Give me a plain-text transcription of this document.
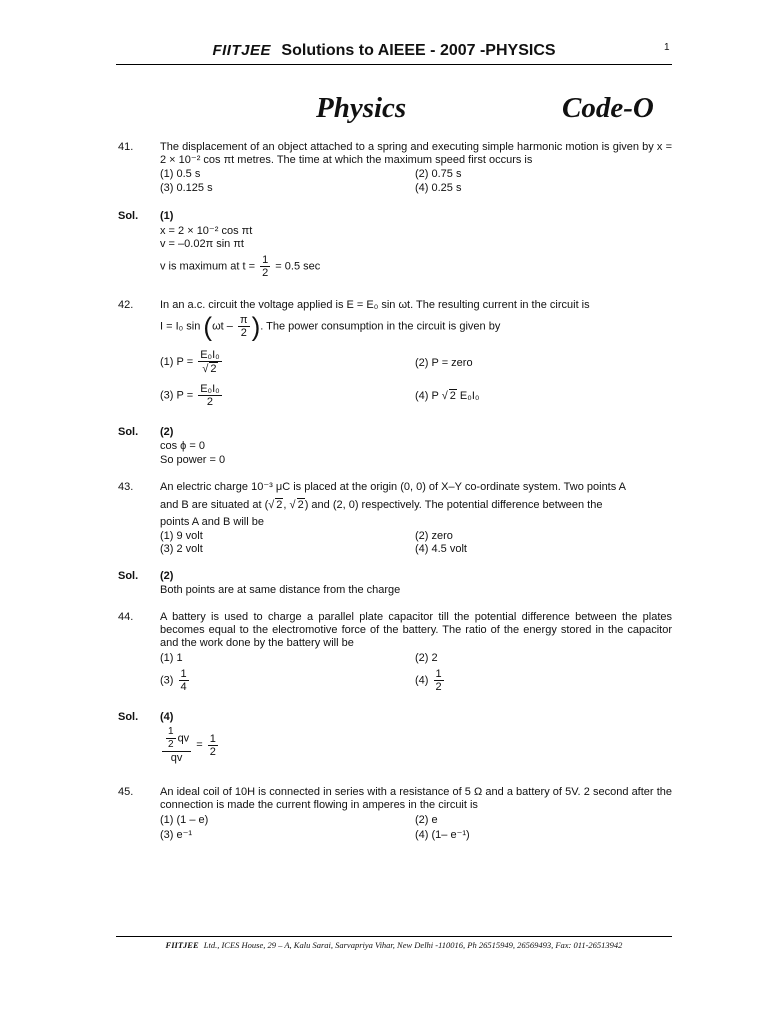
FIITJEE Solutions to AIEEE - 2007 -PHYSICS	1
Physics	Code-O
41.	The displacement of an object attached to a spring and executing simple harmonic motion is given by x = 2 × 10⁻² cos πt metres. The time at which the maximum speed first occurs is
(1) 0.5 s	(2) 0.75 s
(3) 0.125 s	(4) 0.25 s
Sol. (1)
x = 2 × 10⁻² cos πt
v = –0.02π sin πt
v is maximum at $t = \frac{1}{2} = 0.5$ sec
42.	In an a.c. circuit the voltage applied is E = E₀ sin ωt. The resulting current in the circuit is
I = I₀ $\sin (\omega t - \frac{\pi}{2}$ ). The power consumption in the circuit is given by
(1) $P = \frac{\text{E₀I₀}}{√ 2}$	(2) P = zero
(3) $P = \frac{\text{E₀I₀}}{2}$	(4) P √ 2 E₀I₀
Sol. (2)
cos ϕ = 0
So power = 0
43.	An electric charge 10⁻³ μC is placed at the origin (0, 0) of X–Y co-ordinate system. Two points A
and B are situated at (√ 2, √ 2) and (2, 0) respectively. The potential difference between the
points A and B will be
(1) 9 volt	(2) zero
(3) 2 volt	(4) 4.5 volt
Sol. (2)
Both points are at same distance from the charge
44.	A battery is used to charge a parallel plate capacitor till the potential difference between the plates becomes equal to the electromotive force of the battery. The ratio of the energy stored in the capacitor and the work done by the battery will be
(1) 1	(2) 2
$(3) \frac{1}{4}$	$(4) \frac{1}{2}$
Sol. (4)
$\frac{\frac{1}{2} qv}{qv} = \frac{1}{2}$
45.	An ideal coil of 10H is connected in series with a resistance of 5 Ω and a battery of 5V. 2 second after the connection is made the current flowing in amperes in the circuit is
(1) (1 – e)	(2) e
(3) e⁻¹	(4) (1– e⁻¹)
FIITJEE Ltd., ICES House, 29 – A, Kalu Sarai, Sarvapriya Vihar, New Delhi -110016, Ph 26515949, 26569493, Fax: 011-26513942
